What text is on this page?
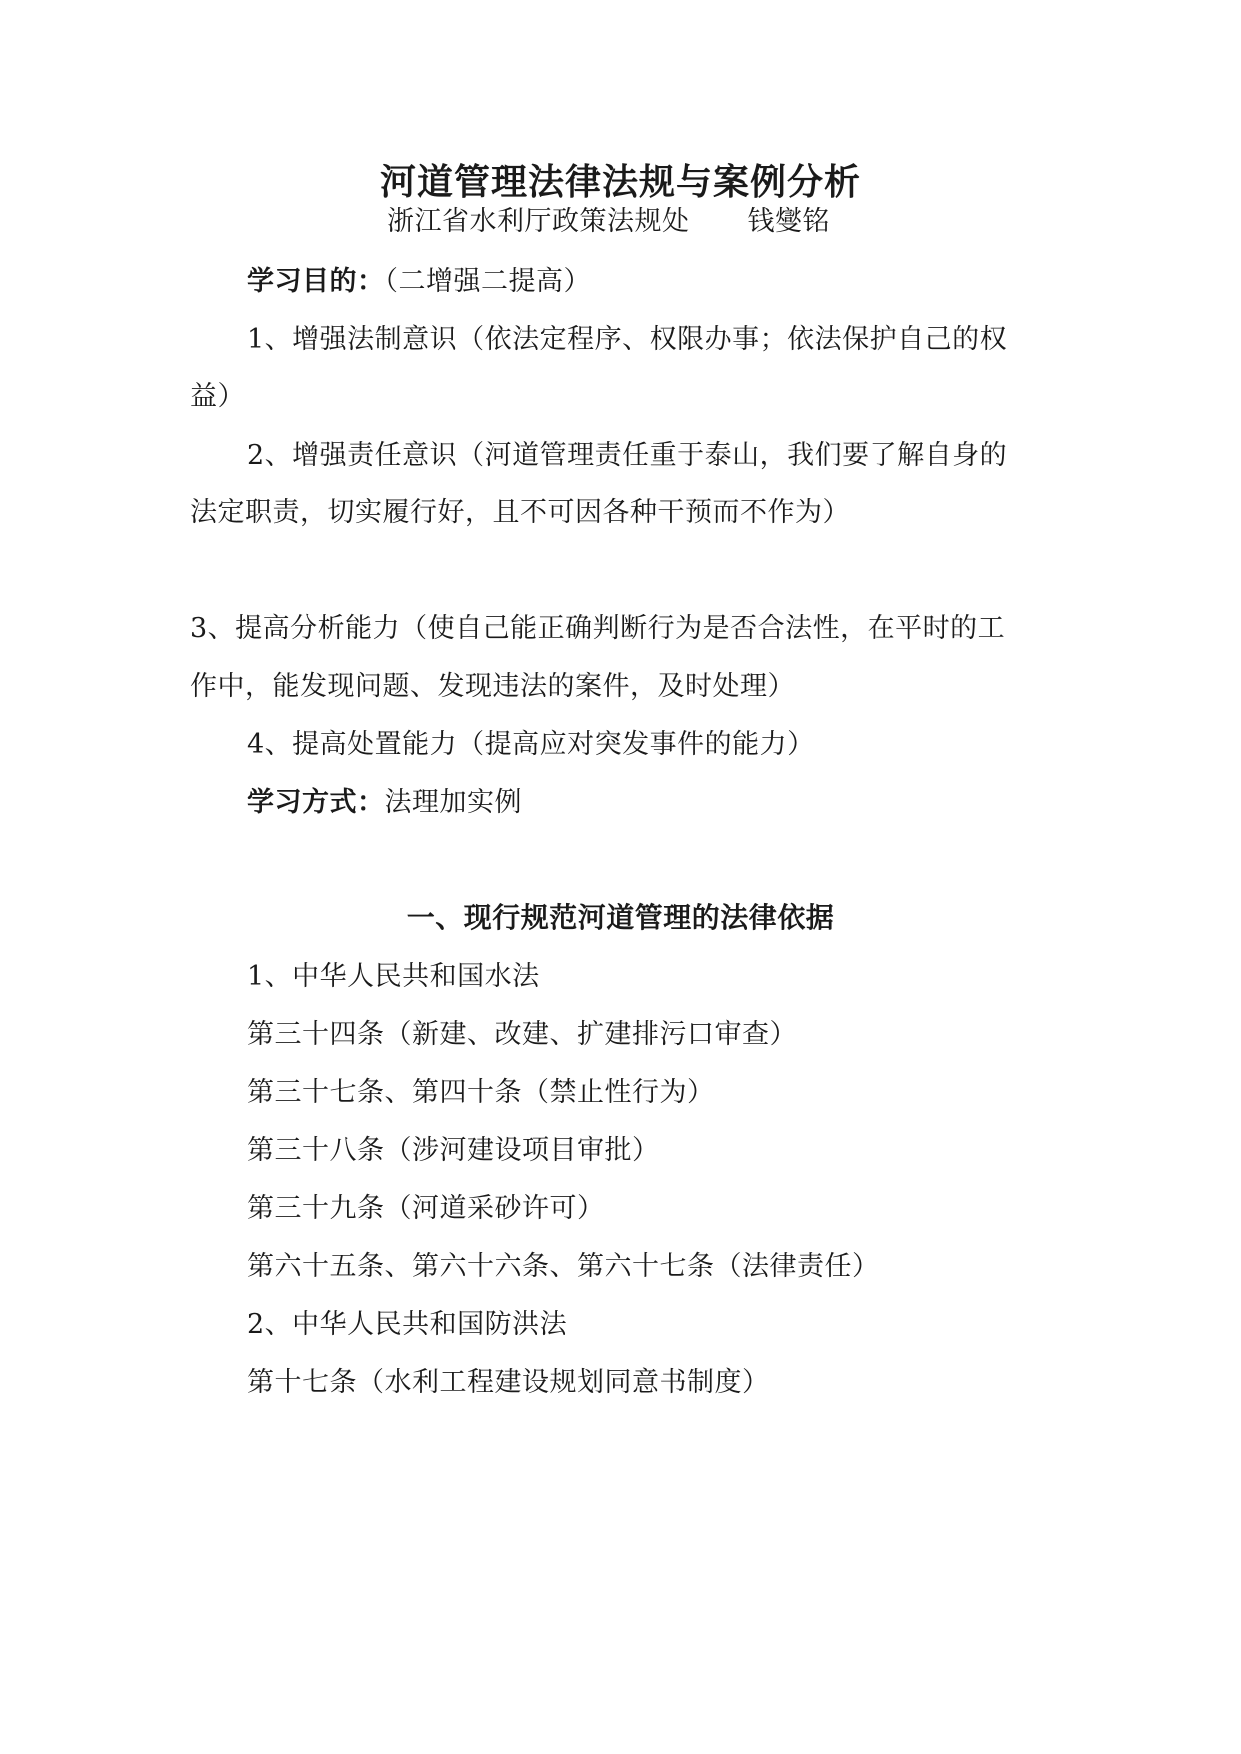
河道管理法律法规与案例分析
浙江省水利厅政策法规处 钱燮铭
学习目的：（二增强二提高）
1、增强法制意识（依法定程序、权限办事；依法保护自己的权
益）
2、增强责任意识（河道管理责任重于泰山，我们要了解自身的
法定职责，切实履行好，且不可因各种干预而不作为）
3、提高分析能力（使自己能正确判断行为是否合法性，在平时的工
作中，能发现问题、发现违法的案件，及时处理）
4、提高处置能力（提高应对突发事件的能力）
学习方式：法理加实例
一、现行规范河道管理的法律依据
1、中华人民共和国水法
第三十四条（新建、改建、扩建排污口审查）
第三十七条、第四十条（禁止性行为）
第三十八条（涉河建设项目审批）
第三十九条（河道采砂许可）
第六十五条、第六十六条、第六十七条（法律责任）
2、中华人民共和国防洪法
第十七条（水利工程建设规划同意书制度）
